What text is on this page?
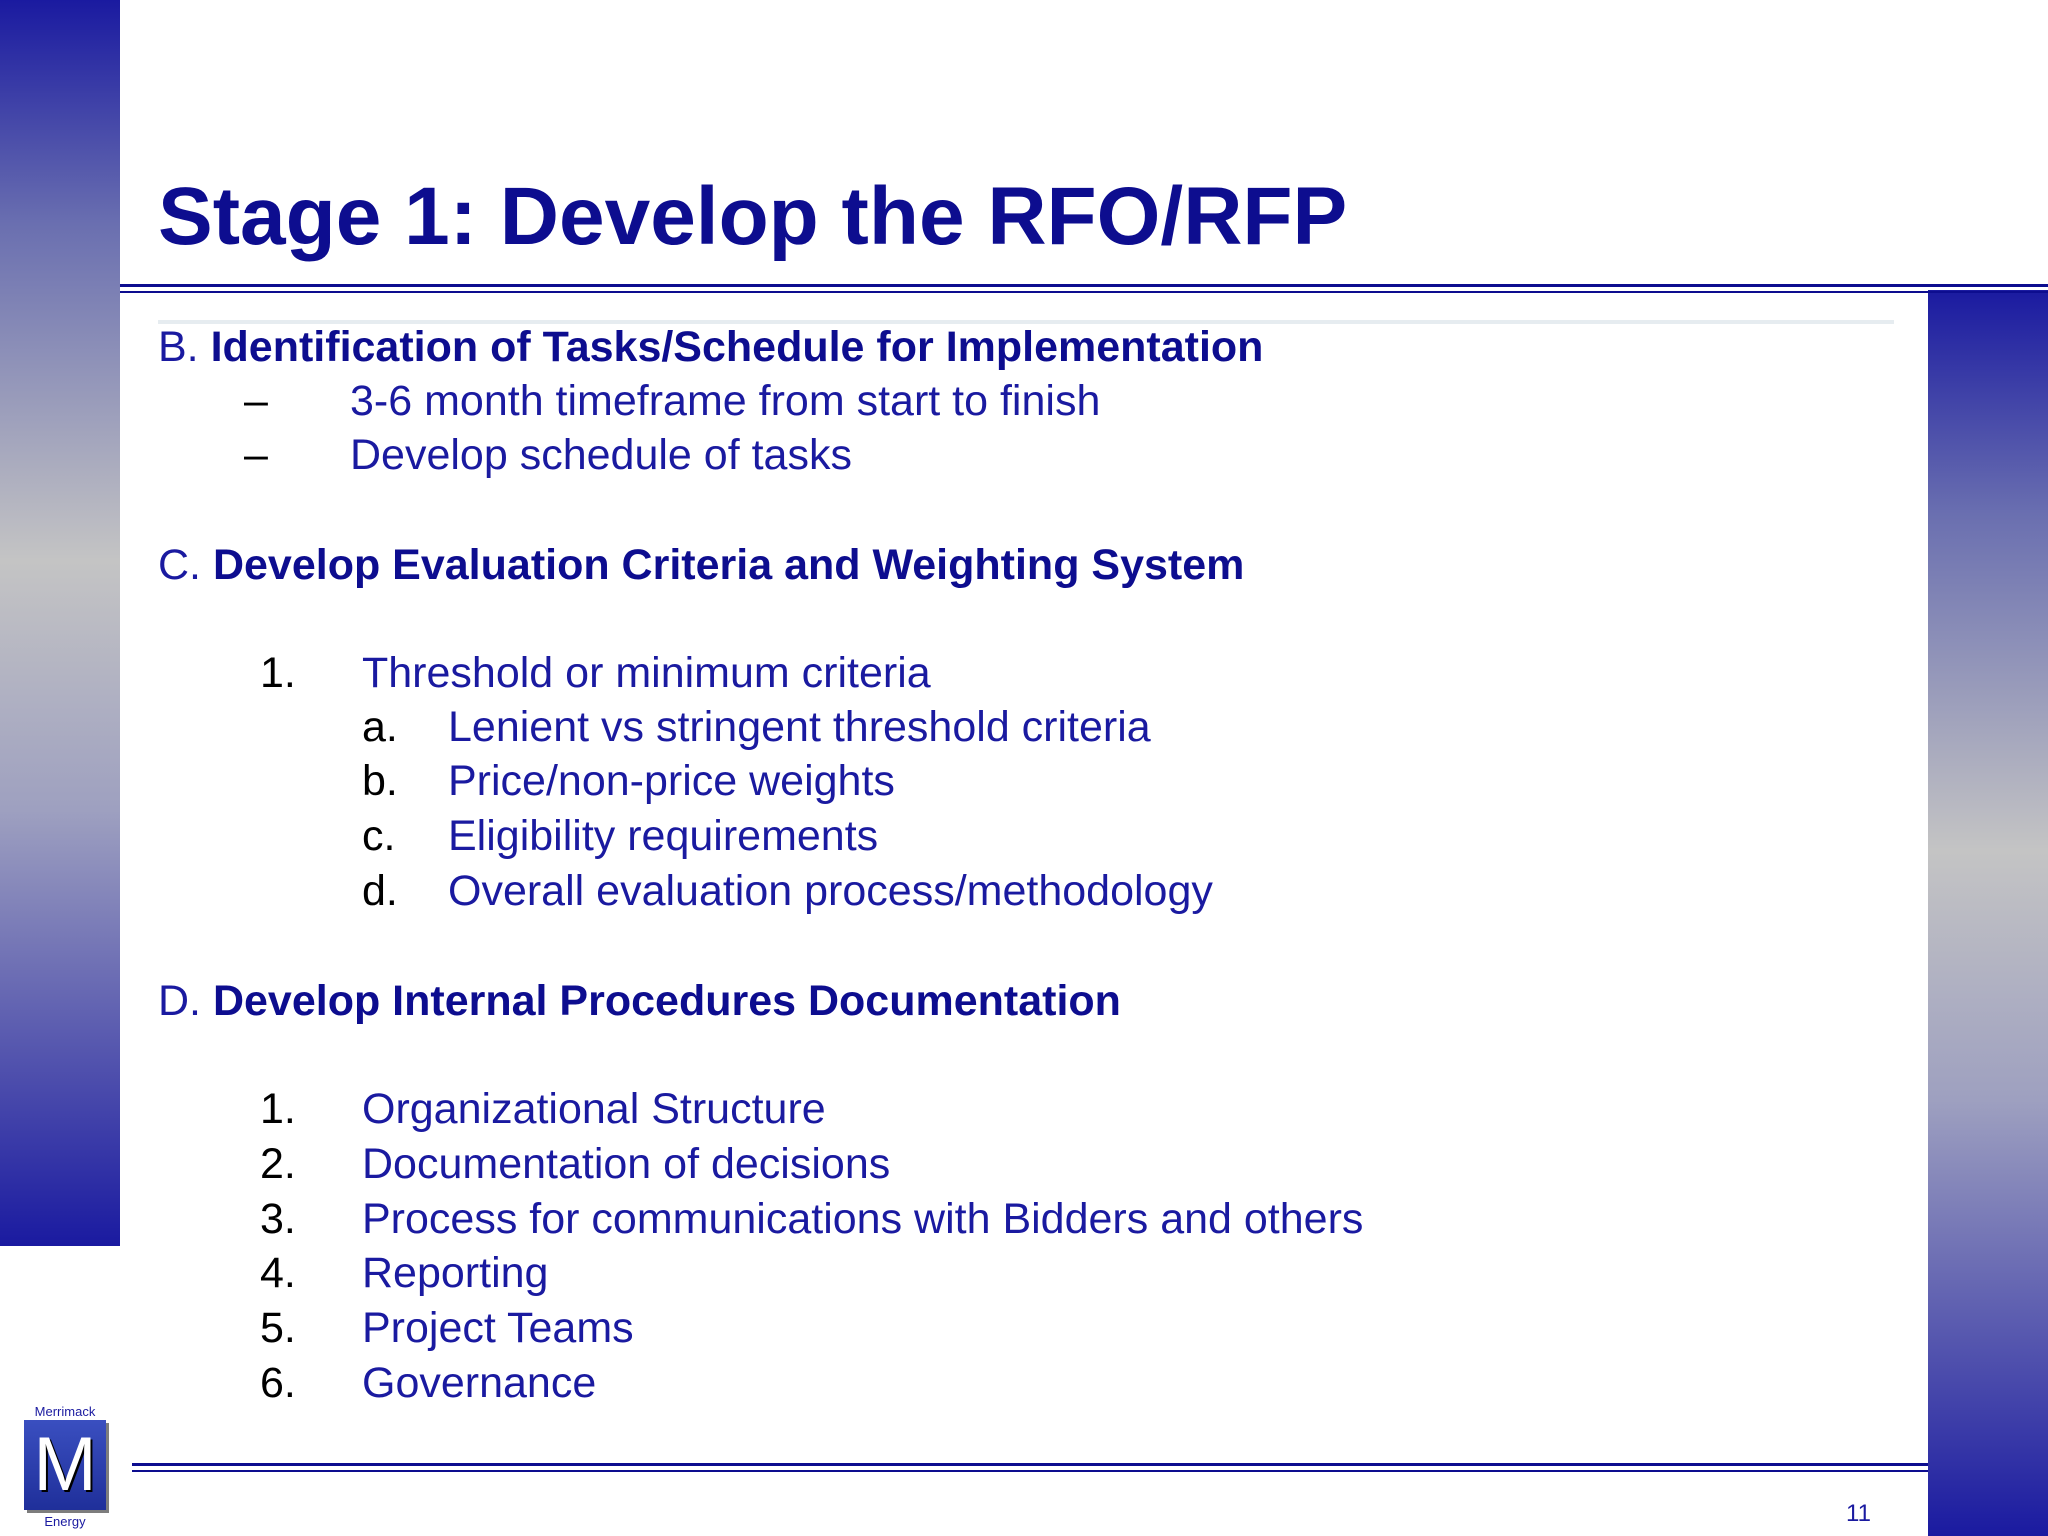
Stage 1: Develop the RFO/RFP
B. Identification of Tasks/Schedule for Implementation
– 3-6 month timeframe from start to finish
– Develop schedule of tasks
C. Develop Evaluation Criteria and Weighting System
1. Threshold or minimum criteria
a. Lenient vs stringent threshold criteria
b. Price/non-price weights
c. Eligibility requirements
d. Overall evaluation process/methodology
D. Develop Internal Procedures Documentation
1. Organizational Structure
2. Documentation of decisions
3. Process for communications with Bidders and others
4. Reporting
5. Project Teams
6. Governance
Merrimack
M
Energy	11
